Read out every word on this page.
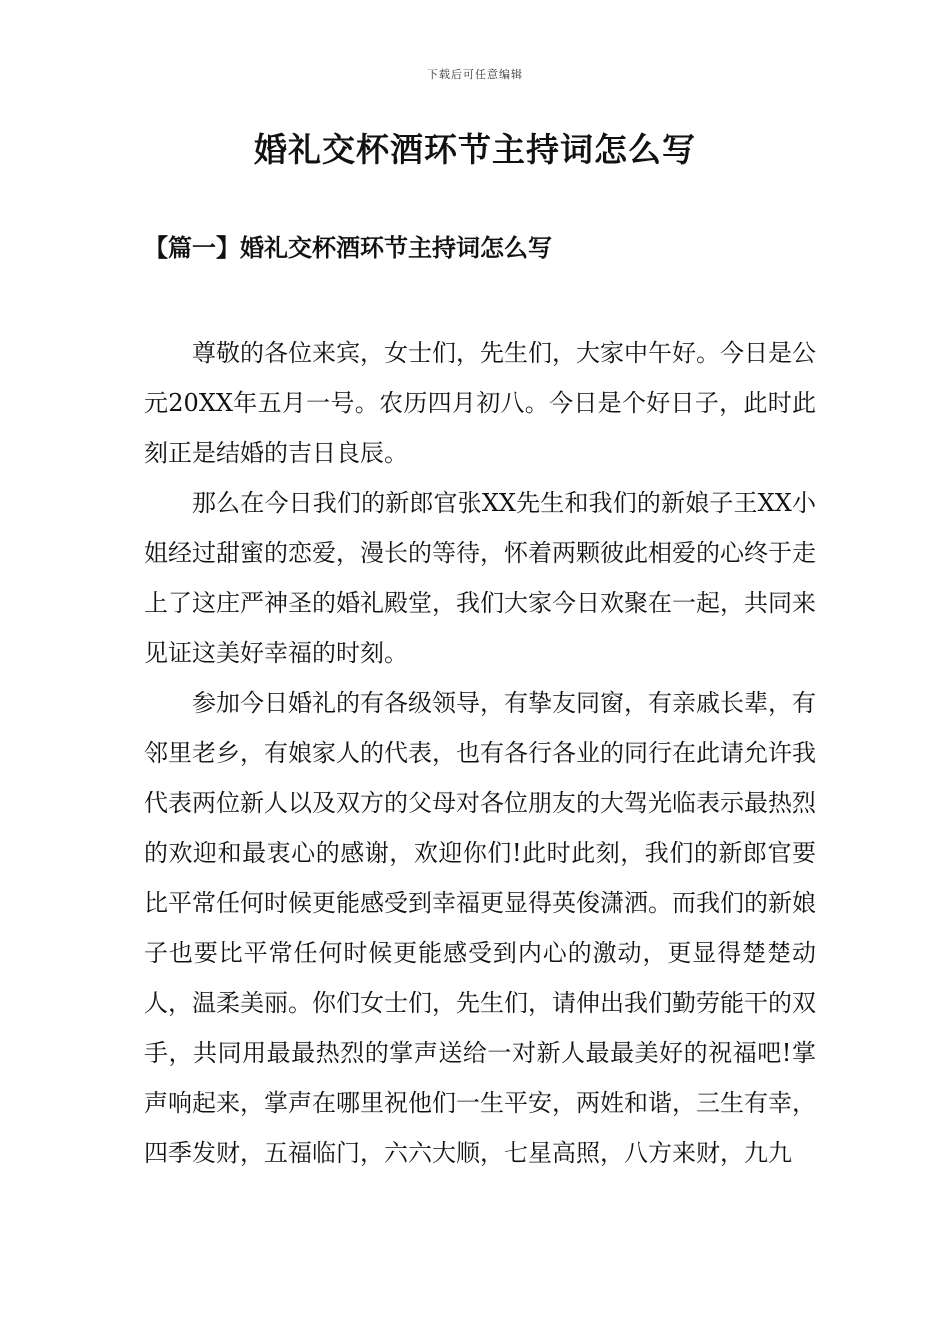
下载后可任意编辑
婚礼交杯酒环节主持词怎么写
【篇一】婚礼交杯酒环节主持词怎么写

尊敬的各位来宾，女士们，先生们，大家中午好。今日是公元20XX年五月一号。农历四月初八。今日是个好日子，此时此刻正是结婚的吉日良辰。

那么在今日我们的新郎官张XX先生和我们的新娘子王XX小姐经过甜蜜的恋爱，漫长的等待，怀着两颗彼此相爱的心终于走上了这庄严神圣的婚礼殿堂，我们大家今日欢聚在一起，共同来见证这美好幸福的时刻。

参加今日婚礼的有各级领导，有挚友同窗，有亲戚长辈，有邻里老乡，有娘家人的代表，也有各行各业的同行在此请允许我代表两位新人以及双方的父母对各位朋友的大驾光临表示最热烈的欢迎和最衷心的感谢，欢迎你们!此时此刻，我们的新郎官要比平常任何时候更能感受到幸福更显得英俊潇洒。而我们的新娘子也要比平常任何时候更能感受到内心的激动，更显得楚楚动人，温柔美丽。你们女士们，先生们，请伸出我们勤劳能干的双手，共同用最最热烈的掌声送给一对新人最最美好的祝福吧!掌声响起来，掌声在哪里祝他们一生平安，两姓和谐，三生有幸，四季发财，五福临门，六六大顺，七星高照，八方来财，九九
